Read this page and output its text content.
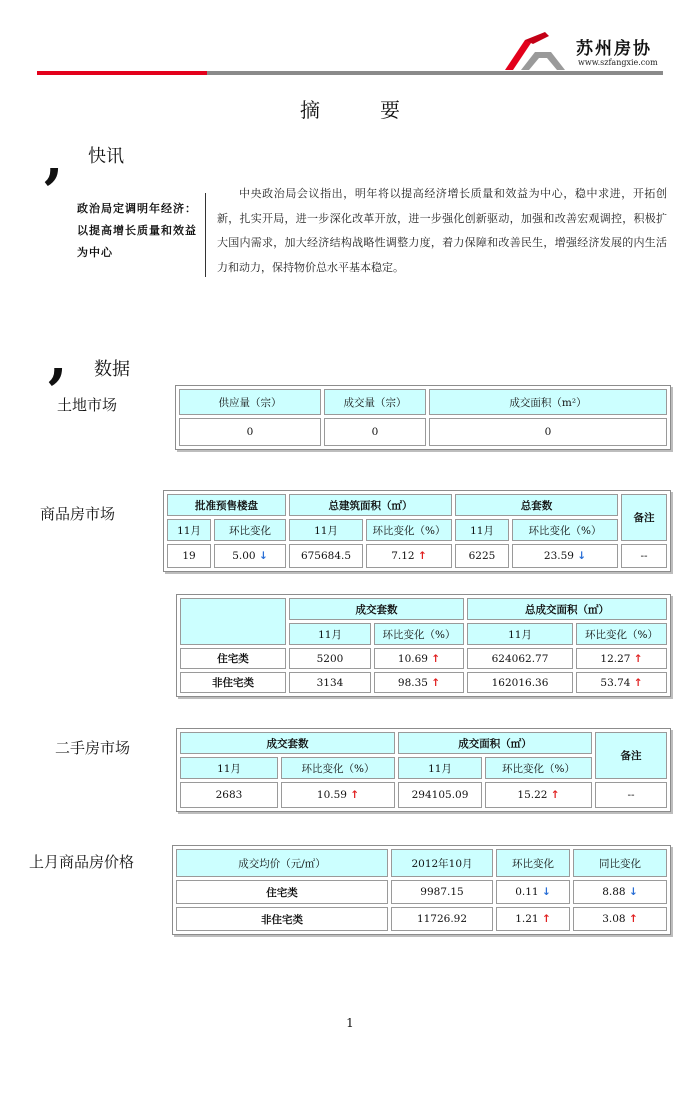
苏州房协
www.szfangxie.com
摘　　　要
, 快讯
政治局定调明年经济：以提高增长质量和效益为中心
中央政治局会议指出，明年将以提高经济增长质量和效益为中心，稳中求进，开拓创新，扎实开局，进一步深化改革开放，进一步强化创新驱动，加强和改善宏观调控，积极扩大国内需求，加大经济结构战略性调整力度，着力保障和改善民生，增强经济发展的内生活力和动力，保持物价总水平基本稳定。
, 数据
土地市场	供应量（宗）	成交量（宗）	成交面积（m²）
0	0	0
商品房市场	批准预售楼盘		总建筑面积（㎡）		总套数		备注
11月	环比变化	11月	环比变化（%）	11月	环比变化（%）	
19	5.00 ↓	675684.5	7.12 ↑	6225	23.59 ↓	--
	成交套数		总成交面积（㎡）	
	11月	环比变化（%）	11月	环比变化（%）
住宅类	5200	10.69 ↑	624062.77	12.27 ↑
非住宅类	3134	98.35 ↑	162016.36	53.74 ↑
二手房市场	成交套数		成交面积（㎡）		备注
11月	环比变化（%）	11月	环比变化（%）	
2683	10.59 ↑	294105.09	15.22 ↑	--
上月商品房价格	成交均价（元/㎡）	2012年10月	环比变化	同比变化
住宅类	9987.15	0.11 ↓	8.88 ↓
非住宅类	11726.92	1.21 ↑	3.08 ↑
1
